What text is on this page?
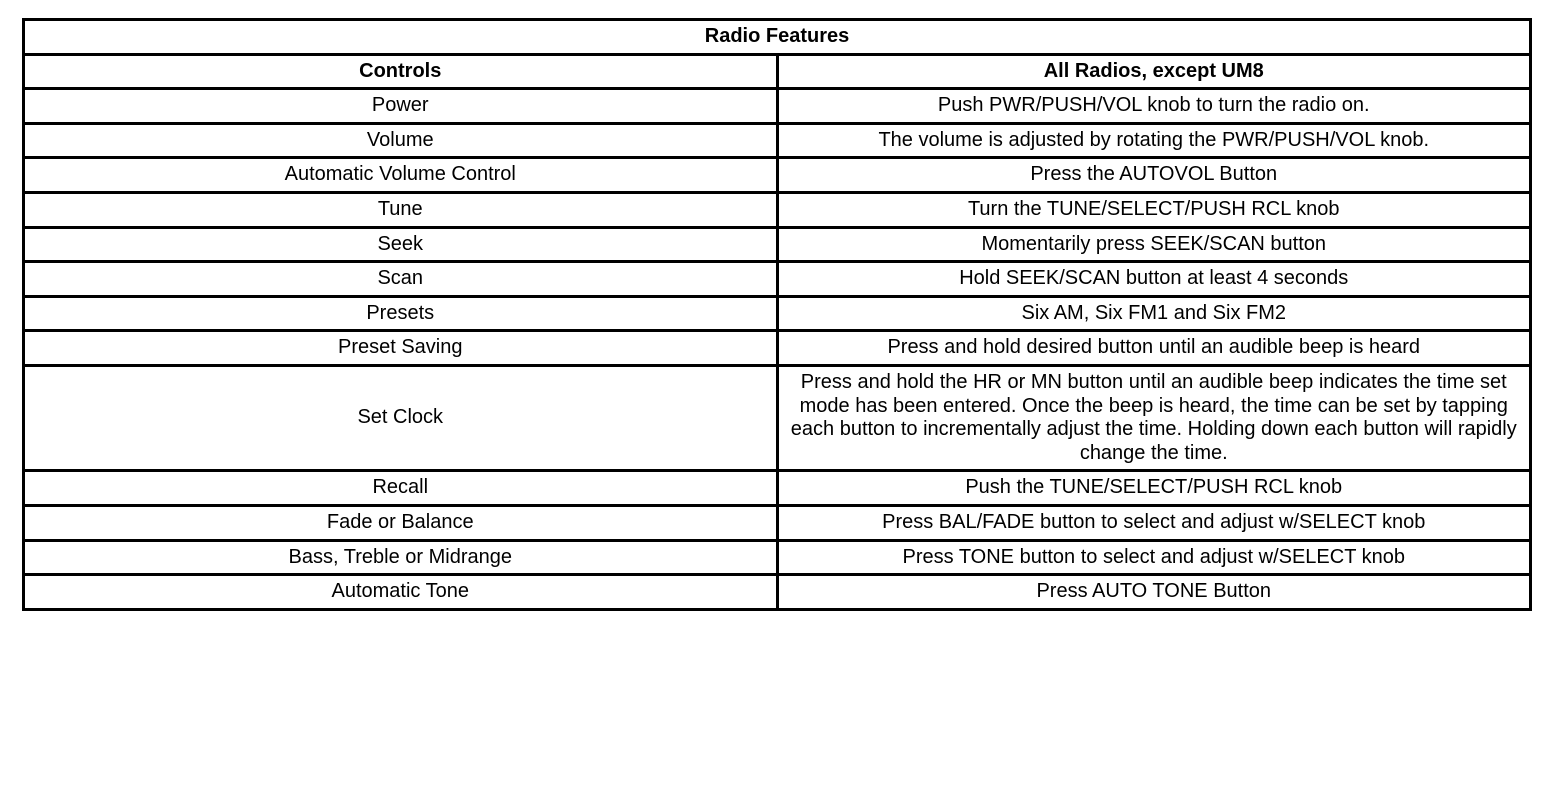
Radio Features	
Controls	All Radios, except UM8
Power	Push PWR/PUSH/VOL knob to turn the radio on.
Volume	The volume is adjusted by rotating the PWR/PUSH/VOL knob.
Automatic Volume Control	Press the AUTOVOL Button
Tune	Turn the TUNE/SELECT/PUSH RCL knob
Seek	Momentarily press SEEK/SCAN button
Scan	Hold SEEK/SCAN button at least 4 seconds
Presets	Six AM, Six FM1 and Six FM2
Preset Saving	Press and hold desired button until an audible beep is heard
Set Clock	Press and hold the HR or MN button until an audible beep indicates the time set mode has been entered. Once the beep is heard, the time can be set by tapping each button to incrementally adjust the time. Holding down each button will rapidly change the time.
Recall	Push the TUNE/SELECT/PUSH RCL knob
Fade or Balance	Press BAL/FADE button to select and adjust w/SELECT knob
Bass, Treble or Midrange	Press TONE button to select and adjust w/SELECT knob
Automatic Tone	Press AUTO TONE Button
